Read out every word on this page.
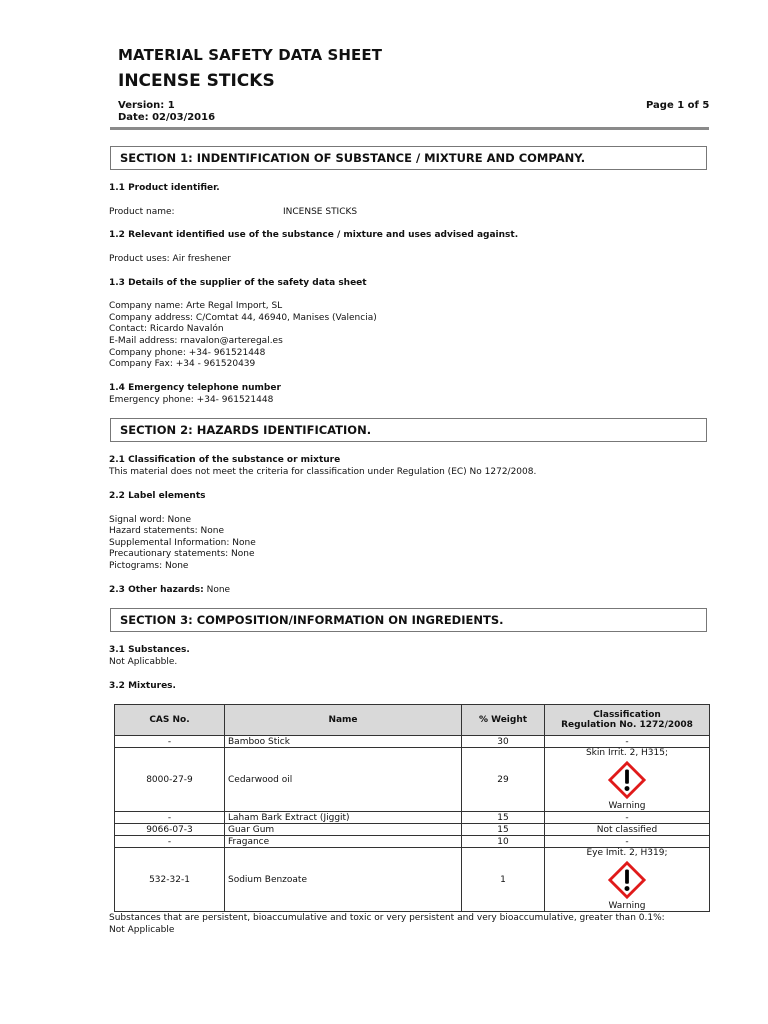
MATERIAL SAFETY DATA SHEET
INCENSE STICKS
Version: 1
Date: 02/03/2016
Page 1 of 5
SECTION 1: INDENTIFICATION OF SUBSTANCE / MIXTURE AND COMPANY.
1.1 Product identifier.
Product name:	INCENSE STICKS
1.2 Relevant identified use of the substance / mixture and uses advised against.
Product uses: Air freshener
1.3 Details of the supplier of the safety data sheet
Company name: Arte Regal Import, SL
Company address: C/Comtat 44, 46940, Manises (Valencia)
Contact: Ricardo Navalón
E-Mail address: rnavalon@arteregal.es
Company phone: +34- 961521448
Company Fax: +34 - 961520439
1.4 Emergency telephone number
Emergency phone: +34- 961521448
SECTION 2: HAZARDS IDENTIFICATION.
2.1 Classification of the substance or mixture
This material does not meet the criteria for classification under Regulation (EC) No 1272/2008.
2.2 Label elements
Signal word: None
Hazard statements: None
Supplemental Information: None
Precautionary statements: None
Pictograms: None
2.3 Other hazards: None
SECTION 3: COMPOSITION/INFORMATION ON INGREDIENTS.
3.1 Substances.
Not Aplicabble.
3.2 Mixtures.
CAS No.	Name	% Weight	Classification
Regulation No. 1272/2008
-	Bamboo Stick	30	-
8000-27-9	Cedarwood oil	29	Skin Irrit. 2, H315;
Warning

-	Laham Bark Extract (Jiggit)	15	-
9066-07-3	Guar Gum	15	Not classified
-	Fragance	10	-
532-32-1	Sodium Benzoate	1	Eye Imit. 2, H319;
Warning
Substances that are persistent, bioaccumulative and toxic or very persistent and very bioaccumulative, greater than 0.1%:
Not Applicable
